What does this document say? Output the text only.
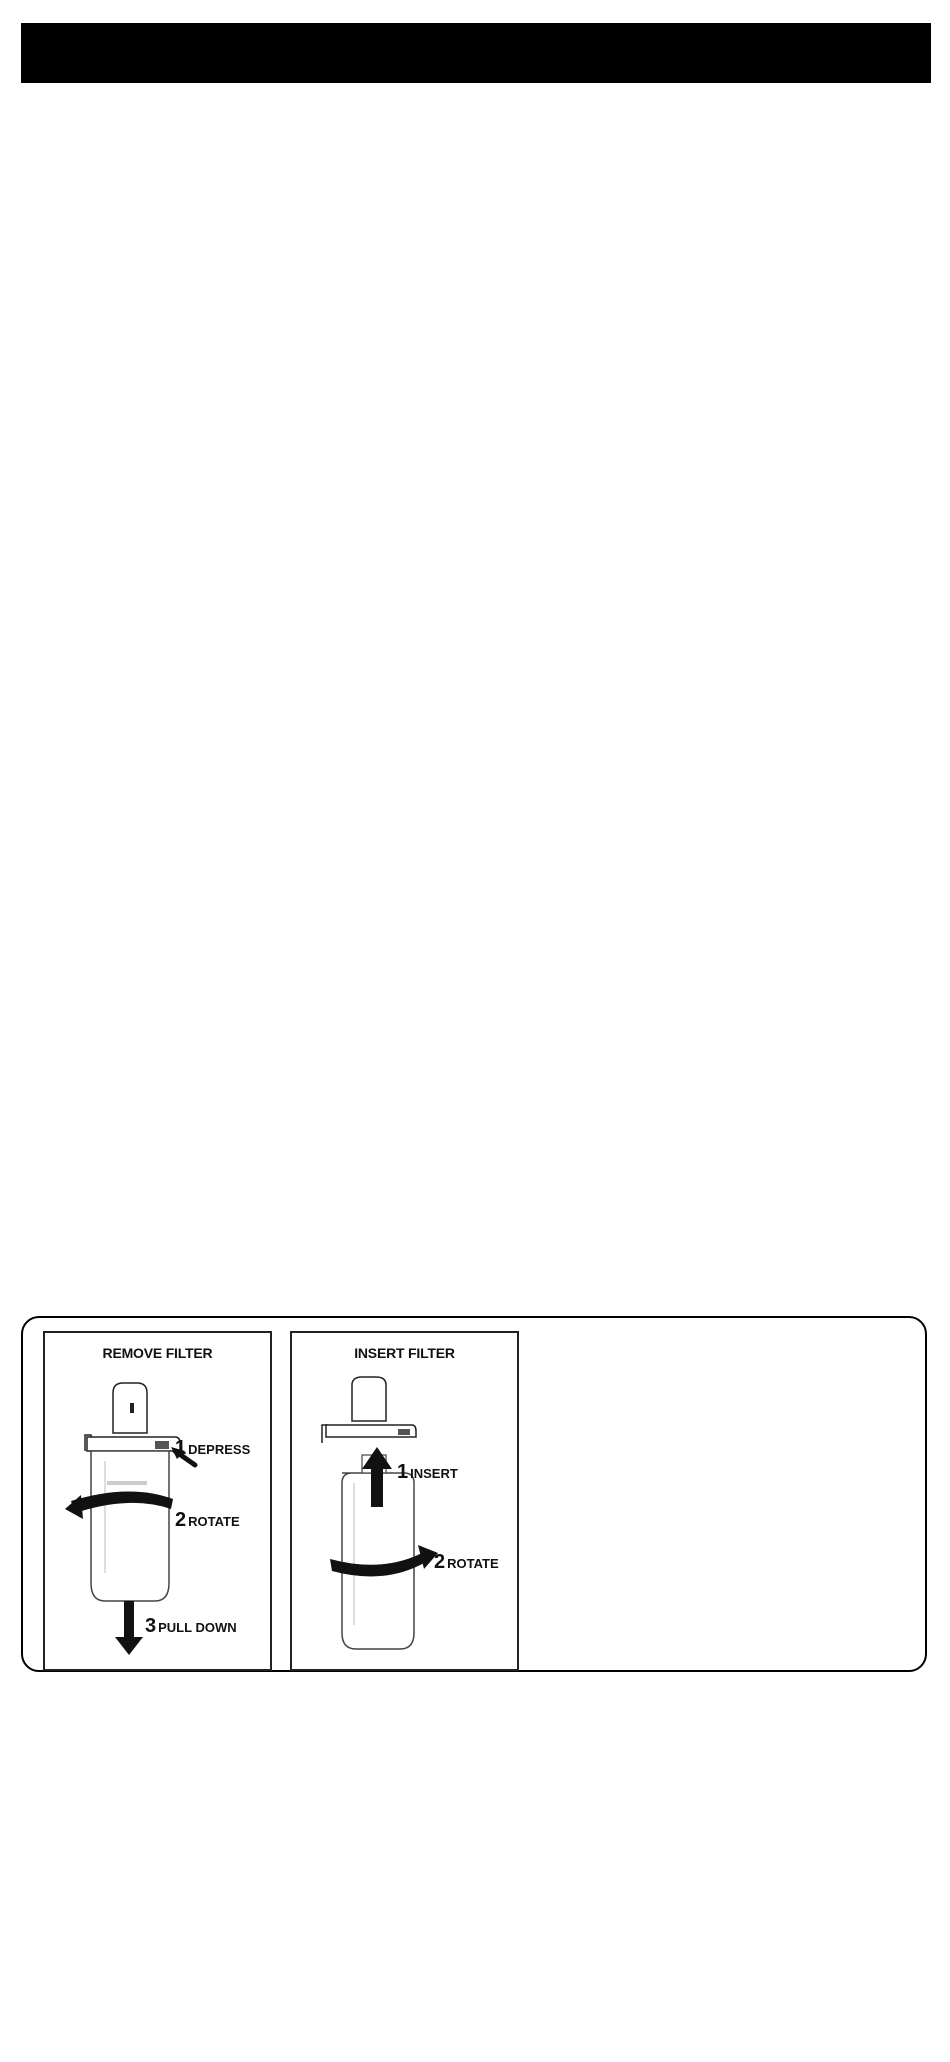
REMOVE FILTER
1 DEPRESS
2 ROTATE
3 PULL DOWN
INSERT FILTER
1 INSERT
2 ROTATE
